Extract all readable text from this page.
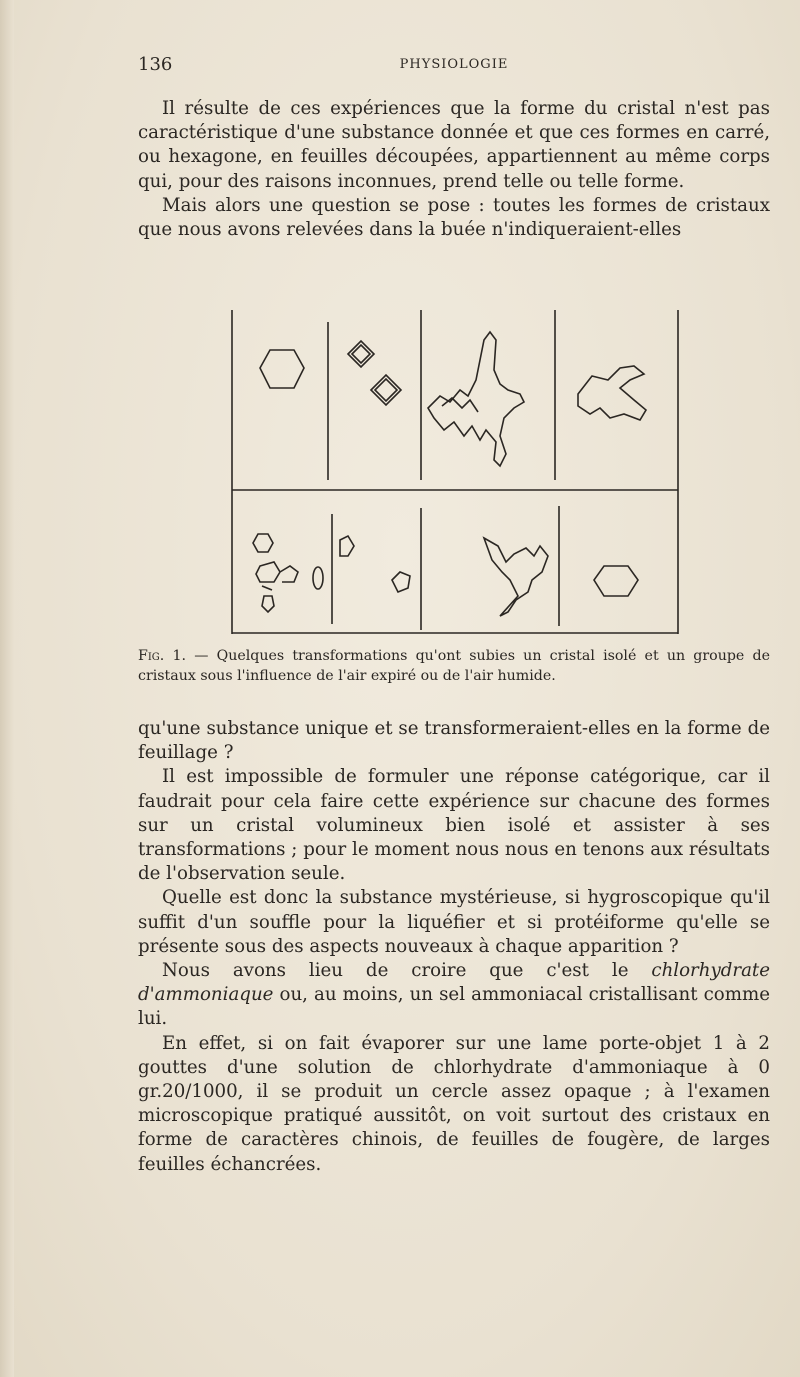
136	PHYSIOLOGIE

Il résulte de ces expériences que la forme du cristal n'est pas caractéristique d'une substance donnée et que ces formes en carré, ou hexagone, en feuilles découpées, appartiennent au même corps qui, pour des raisons inconnues, prend telle ou telle forme.

Mais alors une question se pose : toutes les formes de cristaux que nous avons relevées dans la buée n'indiqueraient-elles

Fig. 1. — Quelques transformations qu'ont subies un cristal isolé et un groupe de cristaux sous l'influence de l'air expiré ou de l'air humide.

qu'une substance unique et se transformeraient-elles en la forme de feuillage ?

Il est impossible de formuler une réponse catégorique, car il faudrait pour cela faire cette expérience sur chacune des formes sur un cristal volumineux bien isolé et assister à ses transformations ; pour le moment nous nous en tenons aux résultats de l'observation seule.

Quelle est donc la substance mystérieuse, si hygroscopique qu'il suffit d'un souffle pour la liquéfier et si protéiforme qu'elle se présente sous des aspects nouveaux à chaque apparition ?

Nous avons lieu de croire que c'est le chlorhydrate d'ammoniaque ou, au moins, un sel ammoniacal cristallisant comme lui.

En effet, si on fait évaporer sur une lame porte-objet 1 à 2 gouttes d'une solution de chlorhydrate d'ammoniaque à 0 gr.20/1000, il se produit un cercle assez opaque ; à l'examen microscopique pratiqué aussitôt, on voit surtout des cristaux en forme de caractères chinois, de feuilles de fougère, de larges feuilles échancrées.
